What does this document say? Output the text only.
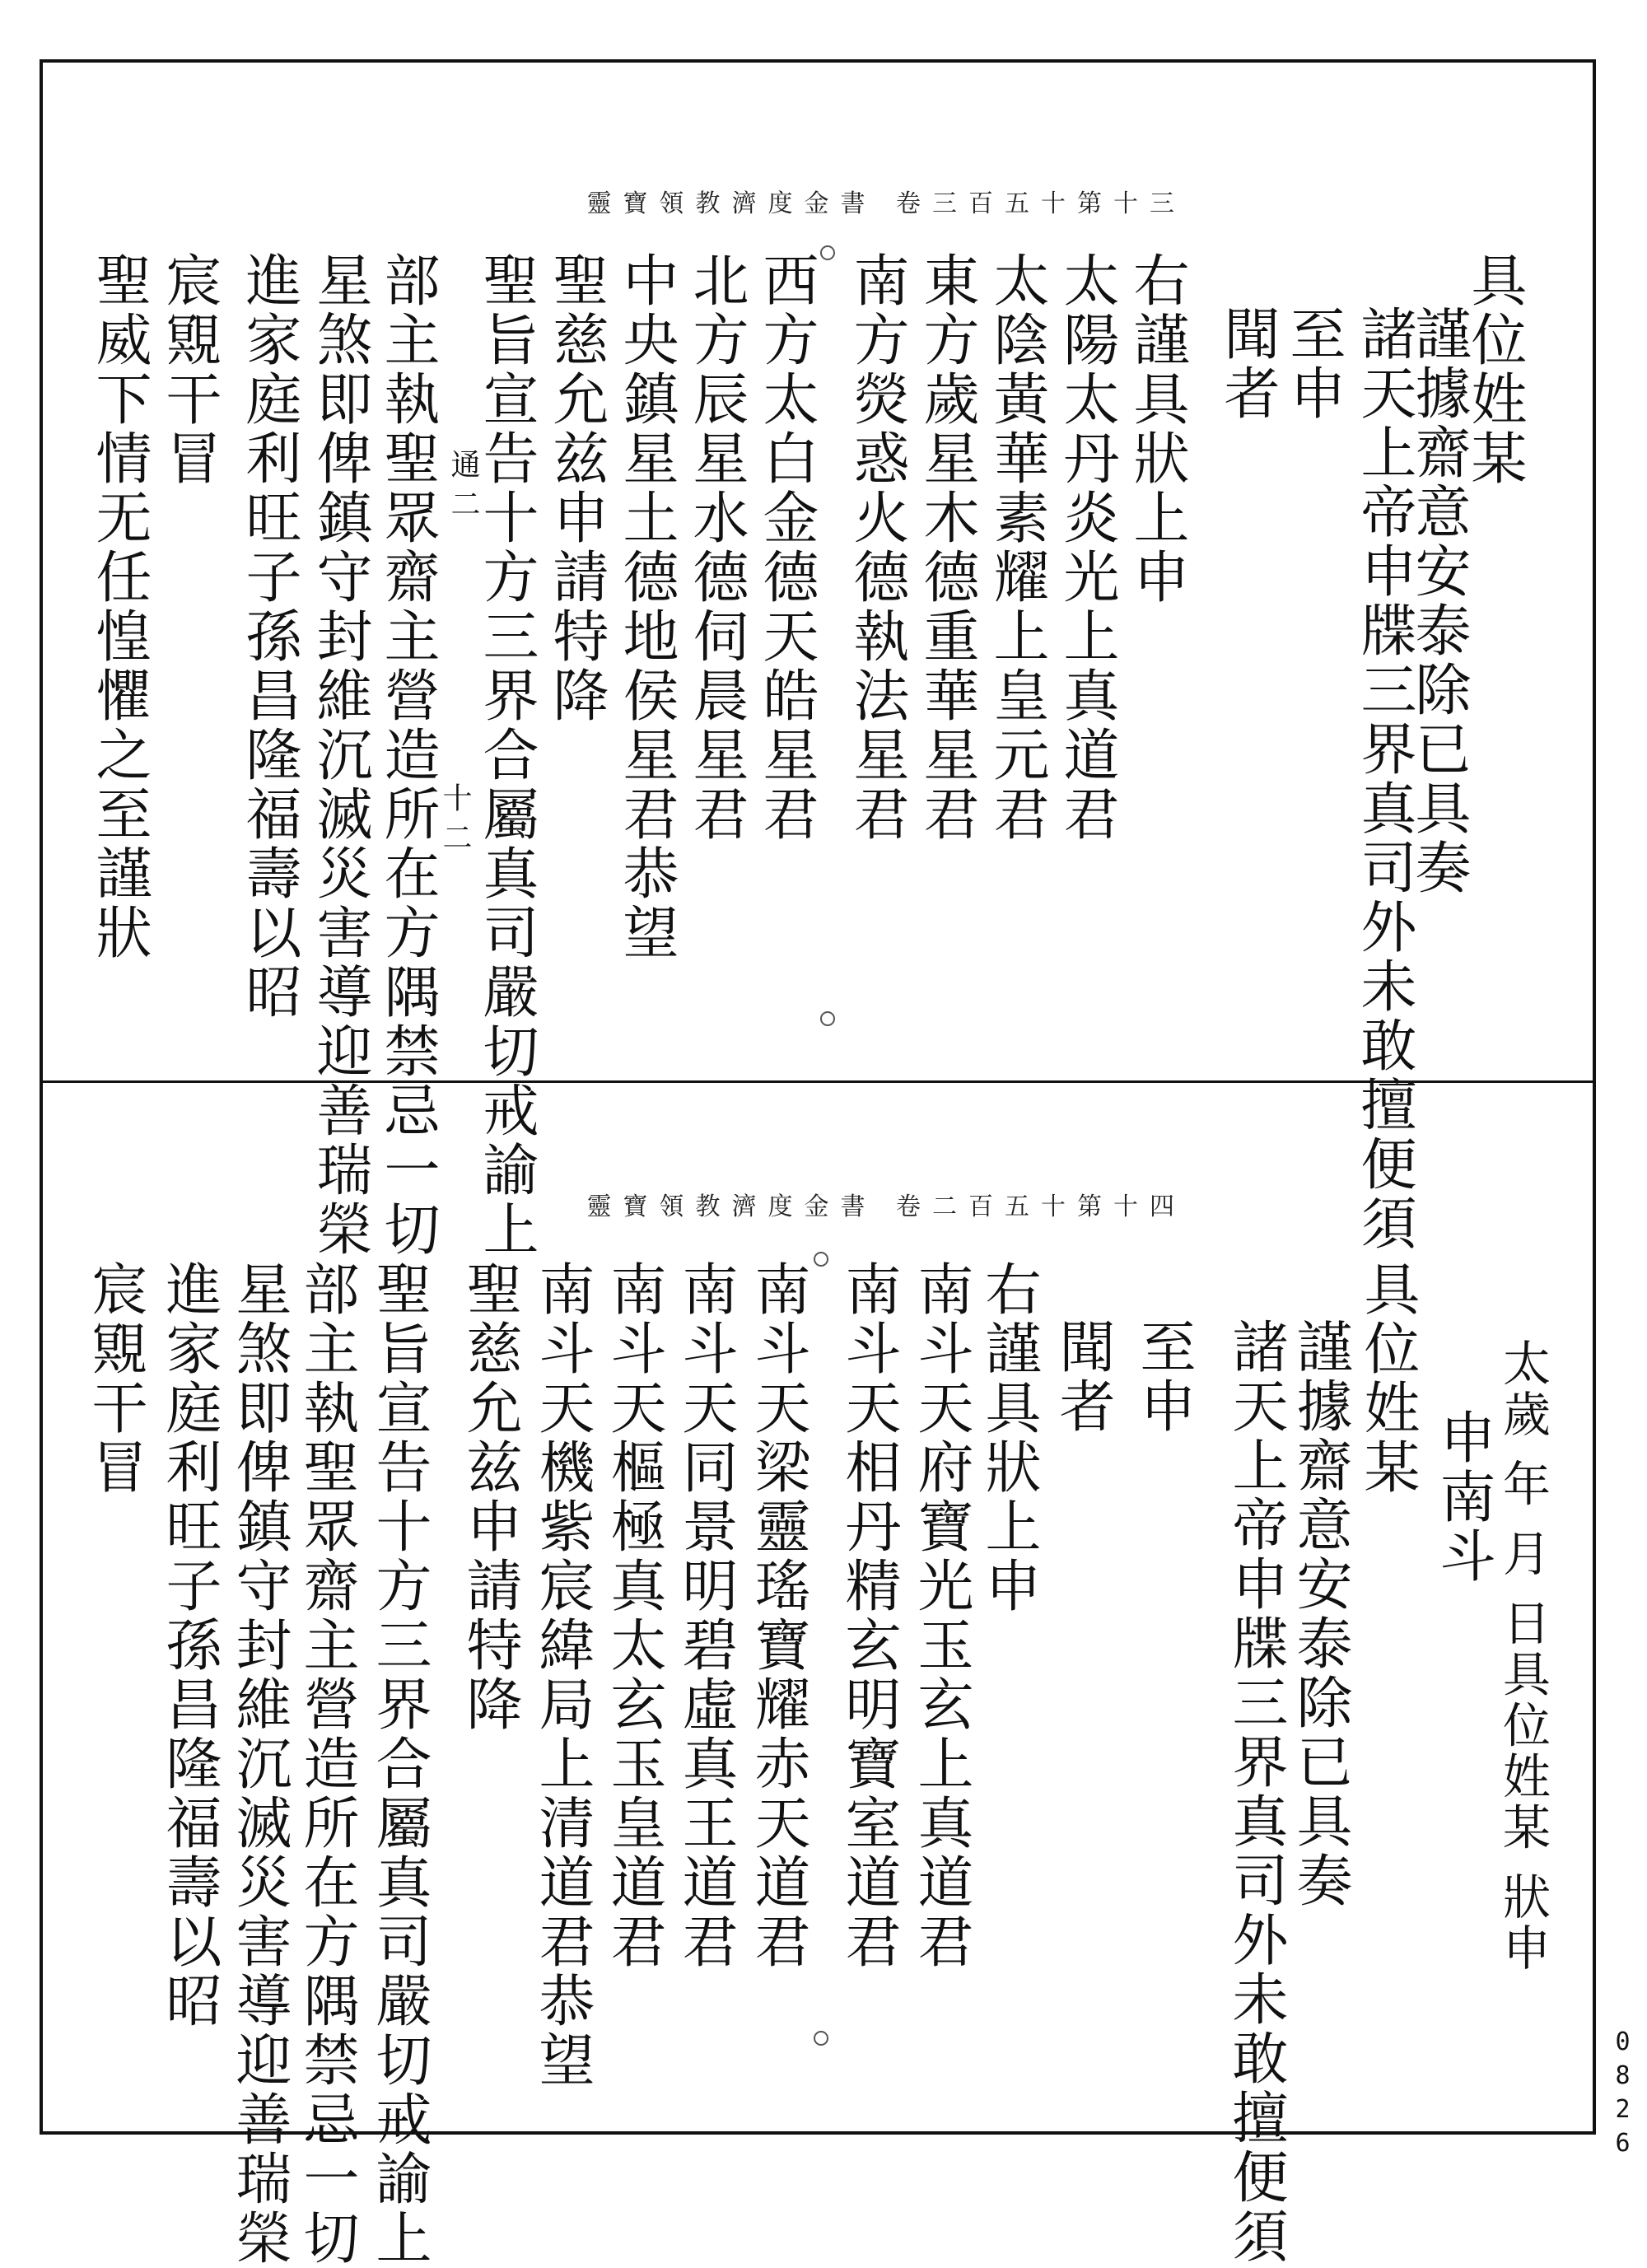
靈寶領教濟度金書 卷三百五十第十三
具位姓某
謹據齋意安泰除已具奏
諸天上帝申牒三界真司外未敢擅便須
至申
聞者
右謹具狀上申
太陽太丹炎光上真道君
太陰黃華素耀上皇元君
東方歲星木德重華星君
南方熒惑火德執法星君
西方太白金德天皓星君
北方辰星水德伺晨星君
中央鎮星土德地侯星君恭望
聖慈允兹申請特降
聖旨宣告十方三界合屬真司嚴切戒諭上
部主執聖眾齋主營造所在方隅禁忌一切
星煞即俾鎮守封維沉滅災害導迎善瑞榮
進家庭利旺子孫昌隆福壽以昭
宸覭干冒
聖威下情无任惶懼之至謹狀	通二
十二
靈寶領教濟度金書 卷二百五十第十四
太歲 年 月 日具位姓某 狀申
申南斗
具位姓某
謹據齋意安泰除已具奏
諸天上帝申牒三界真司外未敢擅便須
至申
聞者
右謹具狀上申
南斗天府寶光玉玄上真道君
南斗天相丹精玄明寶室道君
南斗天梁靈瑤寶耀赤天道君
南斗天同景明碧虛真王道君
南斗天樞極真太玄玉皇道君
南斗天機紫宸緯局上清道君恭望
聖慈允兹申請特降
聖旨宣告十方三界合屬真司嚴切戒諭上
部主執聖眾齋主營造所在方隅禁忌一切
星煞即俾鎮守封維沉滅災害導迎善瑞榮
進家庭利旺子孫昌隆福壽以昭
宸覭干冒
0826
